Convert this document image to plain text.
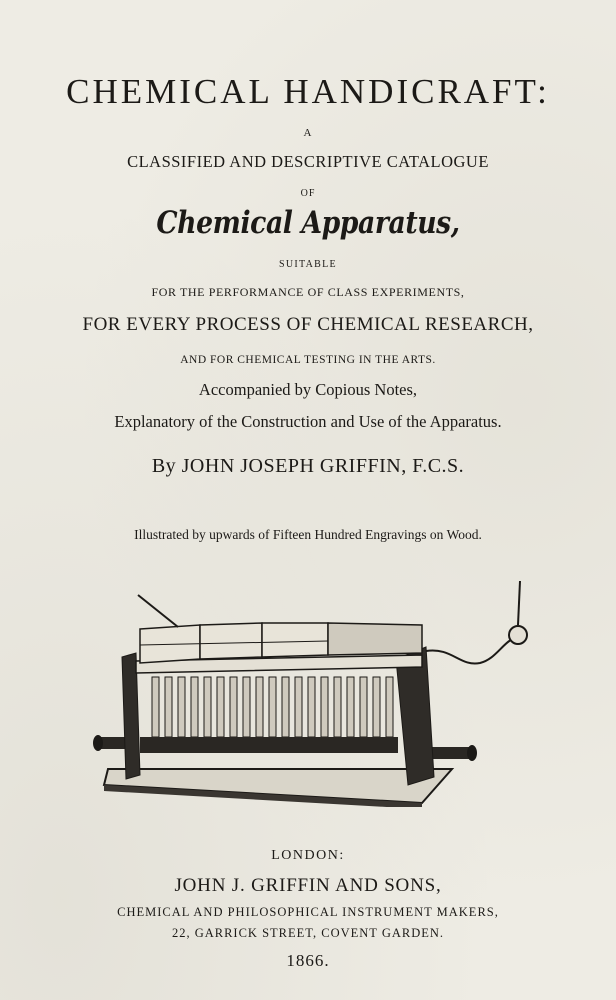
CHEMICAL HANDICRAFT:
A
CLASSIFIED AND DESCRIPTIVE CATALOGUE
OF
Chemical Apparatus,
SUITABLE
FOR THE PERFORMANCE OF CLASS EXPERIMENTS,
FOR EVERY PROCESS OF CHEMICAL RESEARCH,
AND FOR CHEMICAL TESTING IN THE ARTS.
Accompanied by Copious Notes,
Explanatory of the Construction and Use of the Apparatus.
By JOHN JOSEPH GRIFFIN, F.C.S.
Illustrated by upwards of Fifteen Hundred Engravings on Wood.
LONDON:
JOHN J. GRIFFIN AND SONS,
CHEMICAL AND PHILOSOPHICAL INSTRUMENT MAKERS,
22, GARRICK STREET, COVENT GARDEN.
1866.
